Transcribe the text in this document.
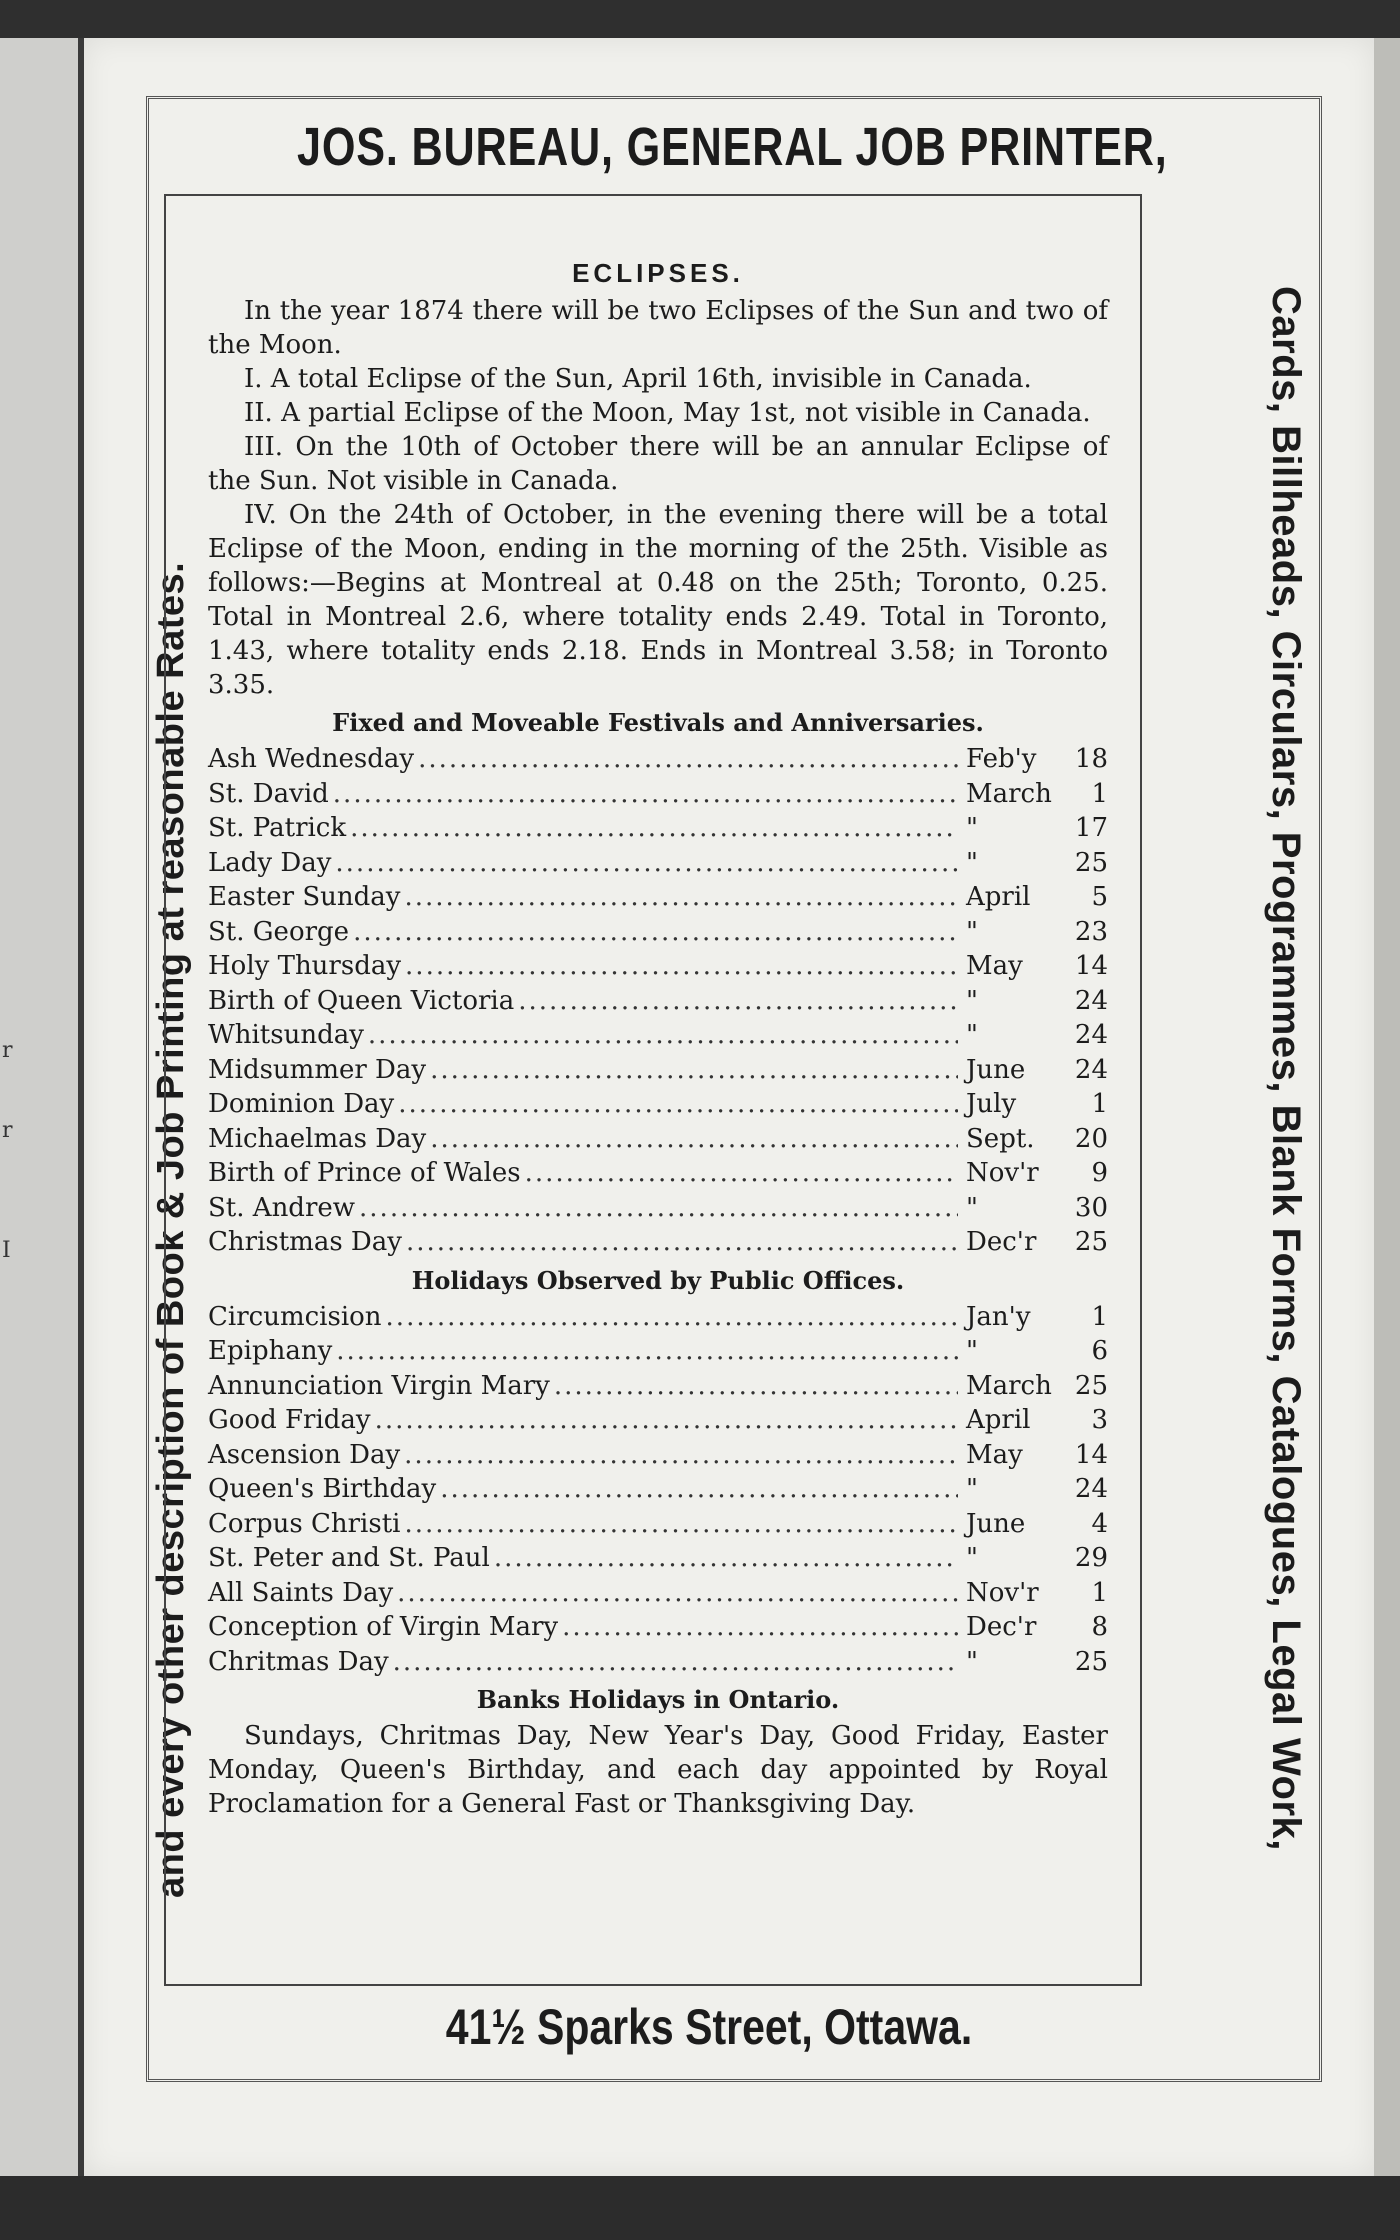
r
r
I
JOS. BUREAU, GENERAL JOB PRINTER,
and every other description of Book & Job Printing at reasonable Rates.	Cards, Billheads, Circulars, Programmes, Blank Forms, Catalogues, Legal Work,

ECLIPSES.

In the year 1874 there will be two Eclipses of the Sun and two of the Moon.

I. A total Eclipse of the Sun, April 16th, invisible in Canada.

II. A partial Eclipse of the Moon, May 1st, not visible in Canada.

III. On the 10th of October there will be an annular Eclipse of the Sun. Not visible in Canada.

IV. On the 24th of October, in the evening there will be a total Eclipse of the Moon, ending in the morning of the 25th. Visible as follows:—Begins at Montreal at 0.48 on the 25th; Toronto, 0.25. Total in Montreal 2.6, where totality ends 2.49. Total in Toronto, 1.43, where totality ends 2.18. Ends in Montreal 3.58; in Toronto 3.35.

Fixed and Moveable Festivals and Anniversaries.

Ash Wednesday .....	Feb'y	18
St. David .....	March	1
St. Patrick .....	"	17
Lady Day .....	"	25
Easter Sunday .....	April	5
St. George .....	"	23
Holy Thursday .....	May	14
Birth of Queen Victoria .....	"	24
Whitsunday .....	"	24
Midsummer Day .....	June	24
Dominion Day .....	July	1
Michaelmas Day .....	Sept.	20
Birth of Prince of Wales .....	Nov'r	9
St. Andrew .....	"	30
Christmas Day .....	Dec'r	25

Holidays Observed by Public Offices.

Circumcision .....	Jan'y	1
Epiphany .....	"	6
Annunciation Virgin Mary .....	March 25
Good Friday .....	April	3
Ascension Day .....	May	14
Queen's Birthday .....	"	24
Corpus Christi .....	June	4
St. Peter and St. Paul .....	"	29
All Saints Day .....	Nov'r	1
Conception of Virgin Mary .....	Dec'r	8
Chritmas Day .....	"	25

Banks Holidays in Ontario.

Sundays, Chritmas Day, New Year's Day, Good Friday, Easter Monday, Queen's Birthday, and each day appointed by Royal Proclamation for a General Fast or Thanksgiving Day.

41½ Sparks Street, Ottawa.
